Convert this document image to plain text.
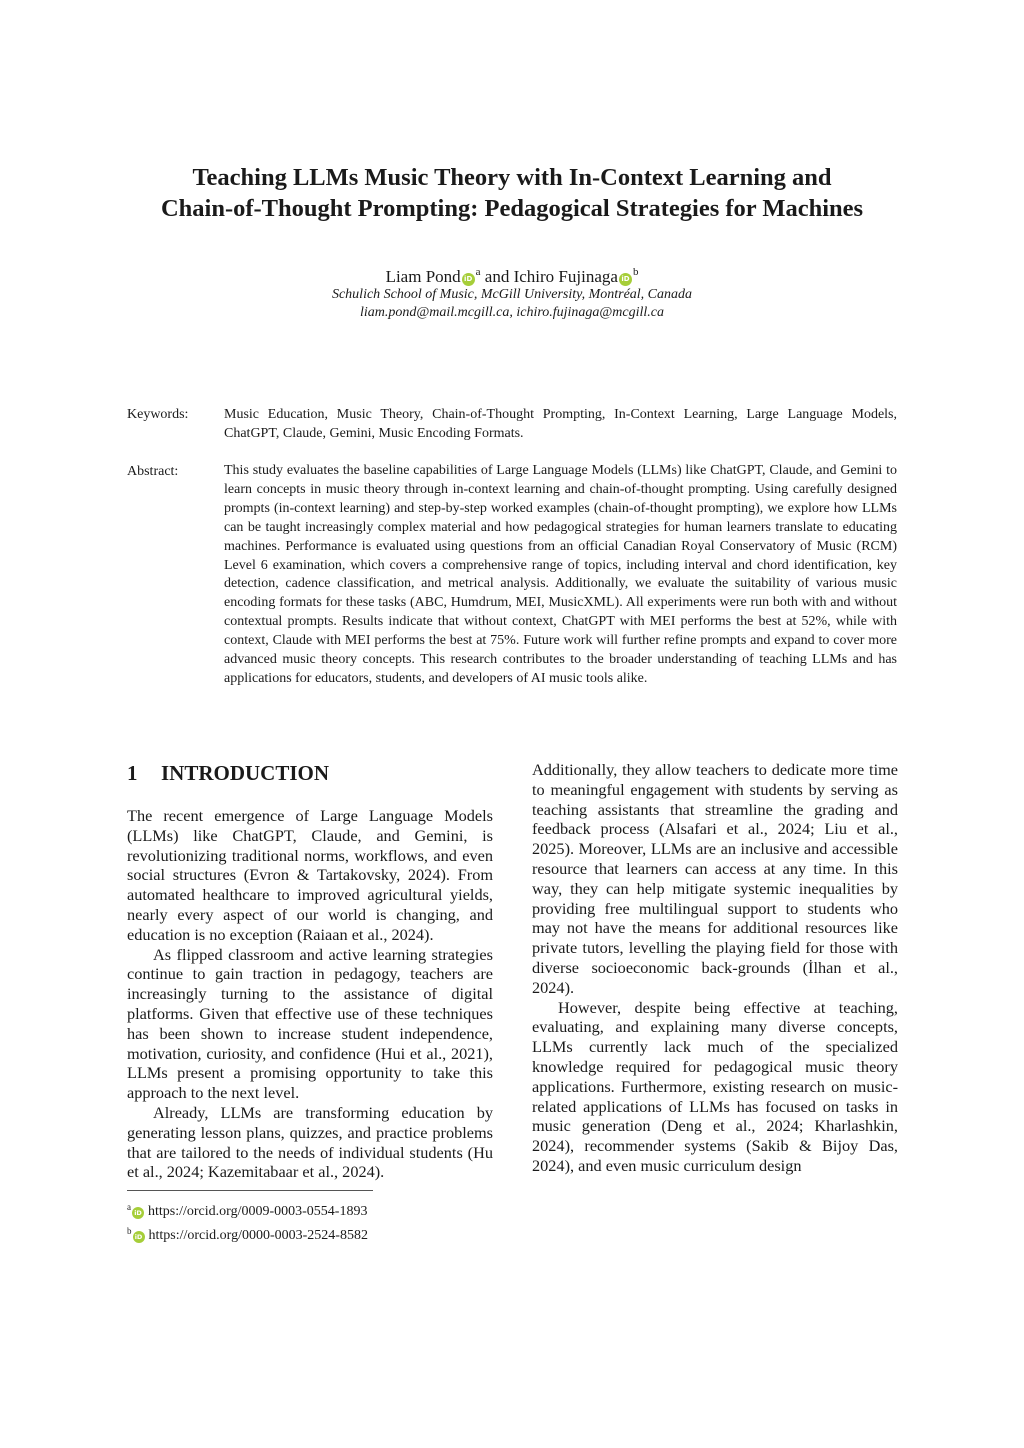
Teaching LLMs Music Theory with In-Context Learning and
Chain-of-Thought Prompting: Pedagogical Strategies for Machines
Liam Pond $iD^a$ and Ichiro Fujinaga $iD^b$
Schulich School of Music, McGill University, Montréal, Canada
liam.pond@mail.mcgill.ca, ichiro.fujinaga@mcgill.ca
Keywords:	Music Education, Music Theory, Chain-of-Thought Prompting, In-Context Learning, Large Language Models, ChatGPT, Claude, Gemini, Music Encoding Formats.
Abstract:	This study evaluates the baseline capabilities of Large Language Models (LLMs) like ChatGPT, Claude, and Gemini to learn concepts in music theory through in-context learning and chain-of-thought prompting. Using carefully designed prompts (in-context learning) and step-by-step worked examples (chain-of-thought prompting), we explore how LLMs can be taught increasingly complex material and how pedagogical strategies for human learners translate to educating machines. Performance is evaluated using questions from an official Canadian Royal Conservatory of Music (RCM) Level 6 examination, which covers a comprehensive range of topics, including interval and chord identification, key detection, cadence classification, and metrical analysis. Additionally, we evaluate the suitability of various music encoding formats for these tasks (ABC, Humdrum, MEI, MusicXML). All experiments were run both with and without contextual prompts. Results indicate that without context, ChatGPT with MEI performs the best at 52%, while with context, Claude with MEI performs the best at 75%. Future work will further refine prompts and expand to cover more advanced music theory concepts. This research contributes to the broader understanding of teaching LLMs and has applications for educators, students, and developers of AI music tools alike.
1 INTRODUCTION

The recent emergence of Large Language Models (LLMs) like ChatGPT, Claude, and Gemini, is revolutionizing traditional norms, workflows, and even social structures (Evron & Tartakovsky, 2024). From automated healthcare to improved agricultural yields, nearly every aspect of our world is changing, and education is no exception (Raiaan et al., 2024).

As flipped classroom and active learning strategies continue to gain traction in pedagogy, teachers are increasingly turning to the assistance of digital platforms. Given that effective use of these techniques has been shown to increase student independence, motivation, curiosity, and confidence (Hui et al., 2021), LLMs present a promising opportunity to take this approach to the next level.

Already, LLMs are transforming education by generating lesson plans, quizzes, and practice problems that are tailored to the needs of individual students (Hu et al., 2024; Kazemitabaar et al., 2024).

Additionally, they allow teachers to dedicate more time to meaningful engagement with students by serving as teaching assistants that streamline the grading and feedback process (Alsafari et al., 2024; Liu et al., 2025). Moreover, LLMs are an inclusive and accessible resource that learners can access at any time. In this way, they can help mitigate systemic inequalities by providing free multilingual support to students who may not have the means for additional resources like private tutors, levelling the playing field for those with diverse socioeconomic back-grounds (İlhan et al., 2024).

However, despite being effective at teaching, evaluating, and explaining many diverse concepts, LLMs currently lack much of the specialized knowledge required for pedagogical music theory applications. Furthermore, existing research on music-related applications of LLMs has focused on tasks in music generation (Deng et al., 2024; Kharlashkin, 2024), recommender systems (Sakib & Bijoy Das, 2024), and even music curriculum design

$^a$iD https://orcid.org/0009-0003-0554-1893
$^b$iD https://orcid.org/0000-0003-2524-8582
